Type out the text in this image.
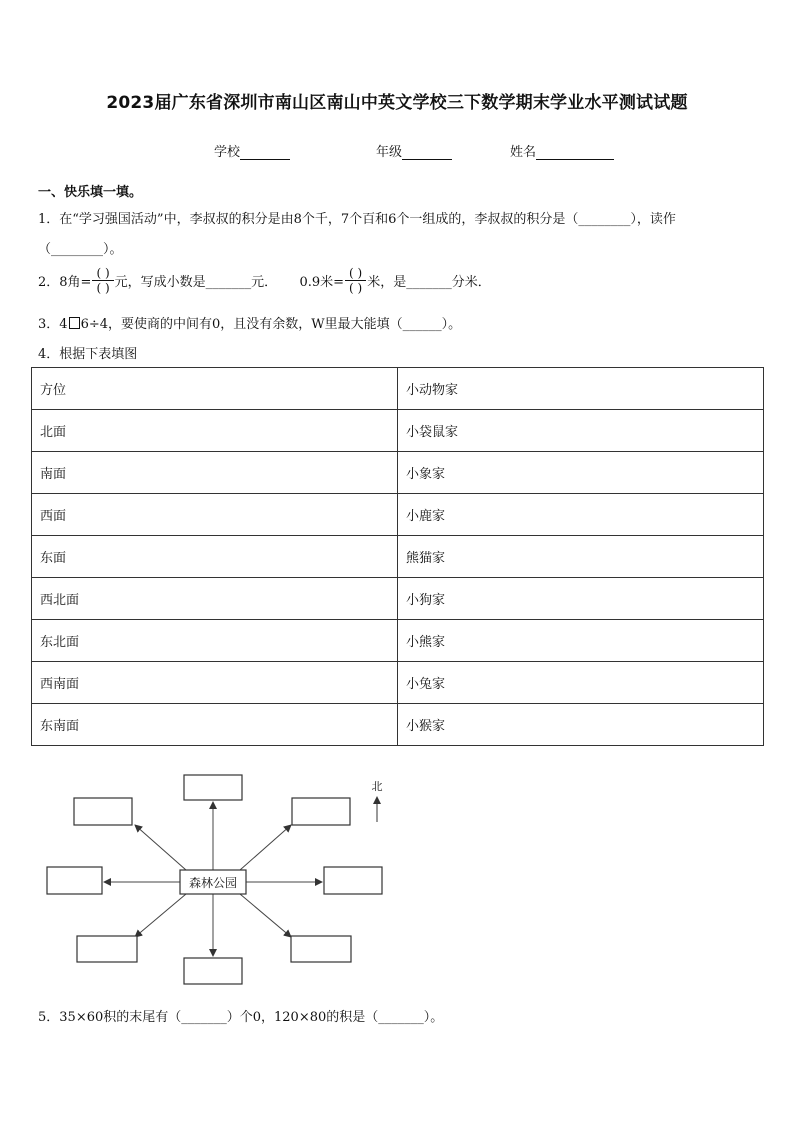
2023届广东省深圳市南山区南山中英文学校三下数学期末学业水平测试试题
学校	年级	姓名
一、快乐填一填。
1．在“学习强国活动”中，李叔叔的积分是由8个千，7个百和6个一组成的，李叔叔的积分是（________），读作
（________）。
2．8角= $\frac{( )}{( )}$ 元，写成小数是_______元． 0.9米= $\frac{( )}{( )}$ 米，是_______分米．
3．4 6÷4，要使商的中间有0，且没有余数，W里最大能填（______）。
4．根据下表填图
方位	小动物家
北面	小袋鼠家
南面	小象家
西面	小鹿家
东面	熊猫家
西北面	小狗家
东北面	小熊家
西南面	小兔家
东南面	小猴家
森林公园
北
5．35×60积的末尾有（_______）个0，120×80的积是（_______）。
